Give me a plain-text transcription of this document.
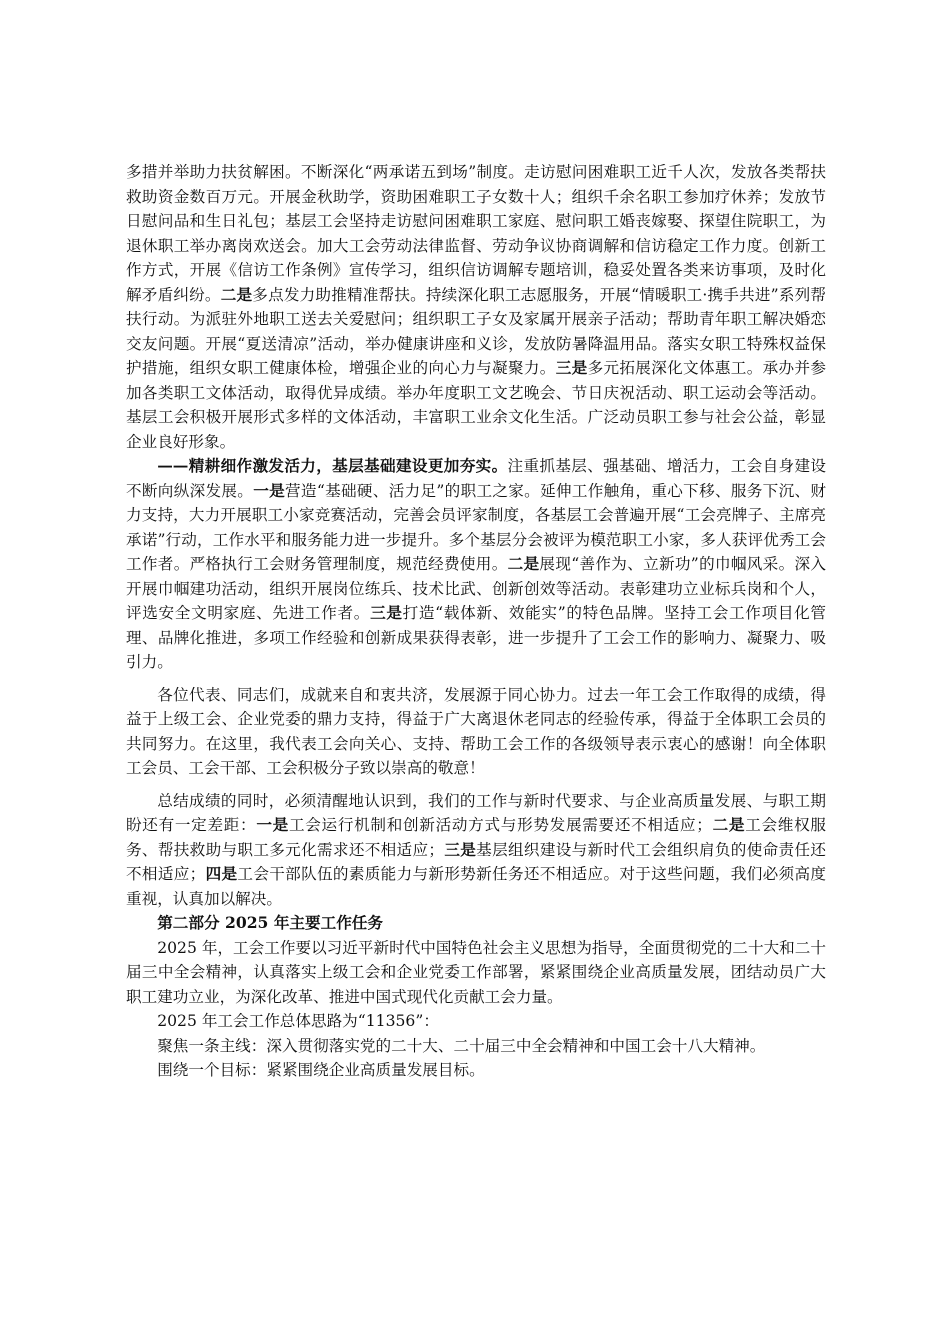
多措并举助力扶贫解困。不断深化“两承诺五到场”制度。走访慰问困难职工近千人次，发放各类帮扶救助资金数百万元。开展金秋助学，资助困难职工子女数十人；组织千余名职工参加疗休养；发放节日慰问品和生日礼包；基层工会坚持走访慰问困难职工家庭、慰问职工婚丧嫁娶、探望住院职工，为退休职工举办离岗欢送会。加大工会劳动法律监督、劳动争议协商调解和信访稳定工作力度。创新工作方式，开展《信访工作条例》宣传学习，组织信访调解专题培训，稳妥处置各类来访事项，及时化解矛盾纠纷。二是多点发力助推精准帮扶。持续深化职工志愿服务，开展“情暖职工·携手共进”系列帮扶行动。为派驻外地职工送去关爱慰问；组织职工子女及家属开展亲子活动；帮助青年职工解决婚恋交友问题。开展“夏送清凉”活动，举办健康讲座和义诊，发放防暑降温用品。落实女职工特殊权益保护措施，组织女职工健康体检，增强企业的向心力与凝聚力。三是多元拓展深化文体惠工。承办并参加各类职工文体活动，取得优异成绩。举办年度职工文艺晚会、节日庆祝活动、职工运动会等活动。基层工会积极开展形式多样的文体活动，丰富职工业余文化生活。广泛动员职工参与社会公益，彰显企业良好形象。

——精耕细作激发活力，基层基础建设更加夯实。注重抓基层、强基础、增活力，工会自身建设不断向纵深发展。一是营造“基础硬、活力足”的职工之家。延伸工作触角，重心下移、服务下沉、财力支持，大力开展职工小家竞赛活动，完善会员评家制度，各基层工会普遍开展“工会亮牌子、主席亮承诺”行动，工作水平和服务能力进一步提升。多个基层分会被评为模范职工小家，多人获评优秀工会工作者。严格执行工会财务管理制度，规范经费使用。二是展现“善作为、立新功”的巾帼风采。深入开展巾帼建功活动，组织开展岗位练兵、技术比武、创新创效等活动。表彰建功立业标兵岗和个人，评选安全文明家庭、先进工作者。三是打造“载体新、效能实”的特色品牌。坚持工会工作项目化管理、品牌化推进，多项工作经验和创新成果获得表彰，进一步提升了工会工作的影响力、凝聚力、吸引力。

各位代表、同志们，成就来自和衷共济，发展源于同心协力。过去一年工会工作取得的成绩，得益于上级工会、企业党委的鼎力支持，得益于广大离退休老同志的经验传承，得益于全体职工会员的共同努力。在这里，我代表工会向关心、支持、帮助工会工作的各级领导表示衷心的感谢！向全体职工会员、工会干部、工会积极分子致以崇高的敬意！

总结成绩的同时，必须清醒地认识到，我们的工作与新时代要求、与企业高质量发展、与职工期盼还有一定差距：一是工会运行机制和创新活动方式与形势发展需要还不相适应；二是工会维权服务、帮扶救助与职工多元化需求还不相适应；三是基层组织建设与新时代工会组织肩负的使命责任还不相适应；四是工会干部队伍的素质能力与新形势新任务还不相适应。对于这些问题，我们必须高度重视，认真加以解决。

第二部分 2025 年主要工作任务

2025 年，工会工作要以习近平新时代中国特色社会主义思想为指导，全面贯彻党的二十大和二十届三中全会精神，认真落实上级工会和企业党委工作部署，紧紧围绕企业高质量发展，团结动员广大职工建功立业，为深化改革、推进中国式现代化贡献工会力量。

2025 年工会工作总体思路为“11356”：

聚焦一条主线：深入贯彻落实党的二十大、二十届三中全会精神和中国工会十八大精神。

围绕一个目标：紧紧围绕企业高质量发展目标。
